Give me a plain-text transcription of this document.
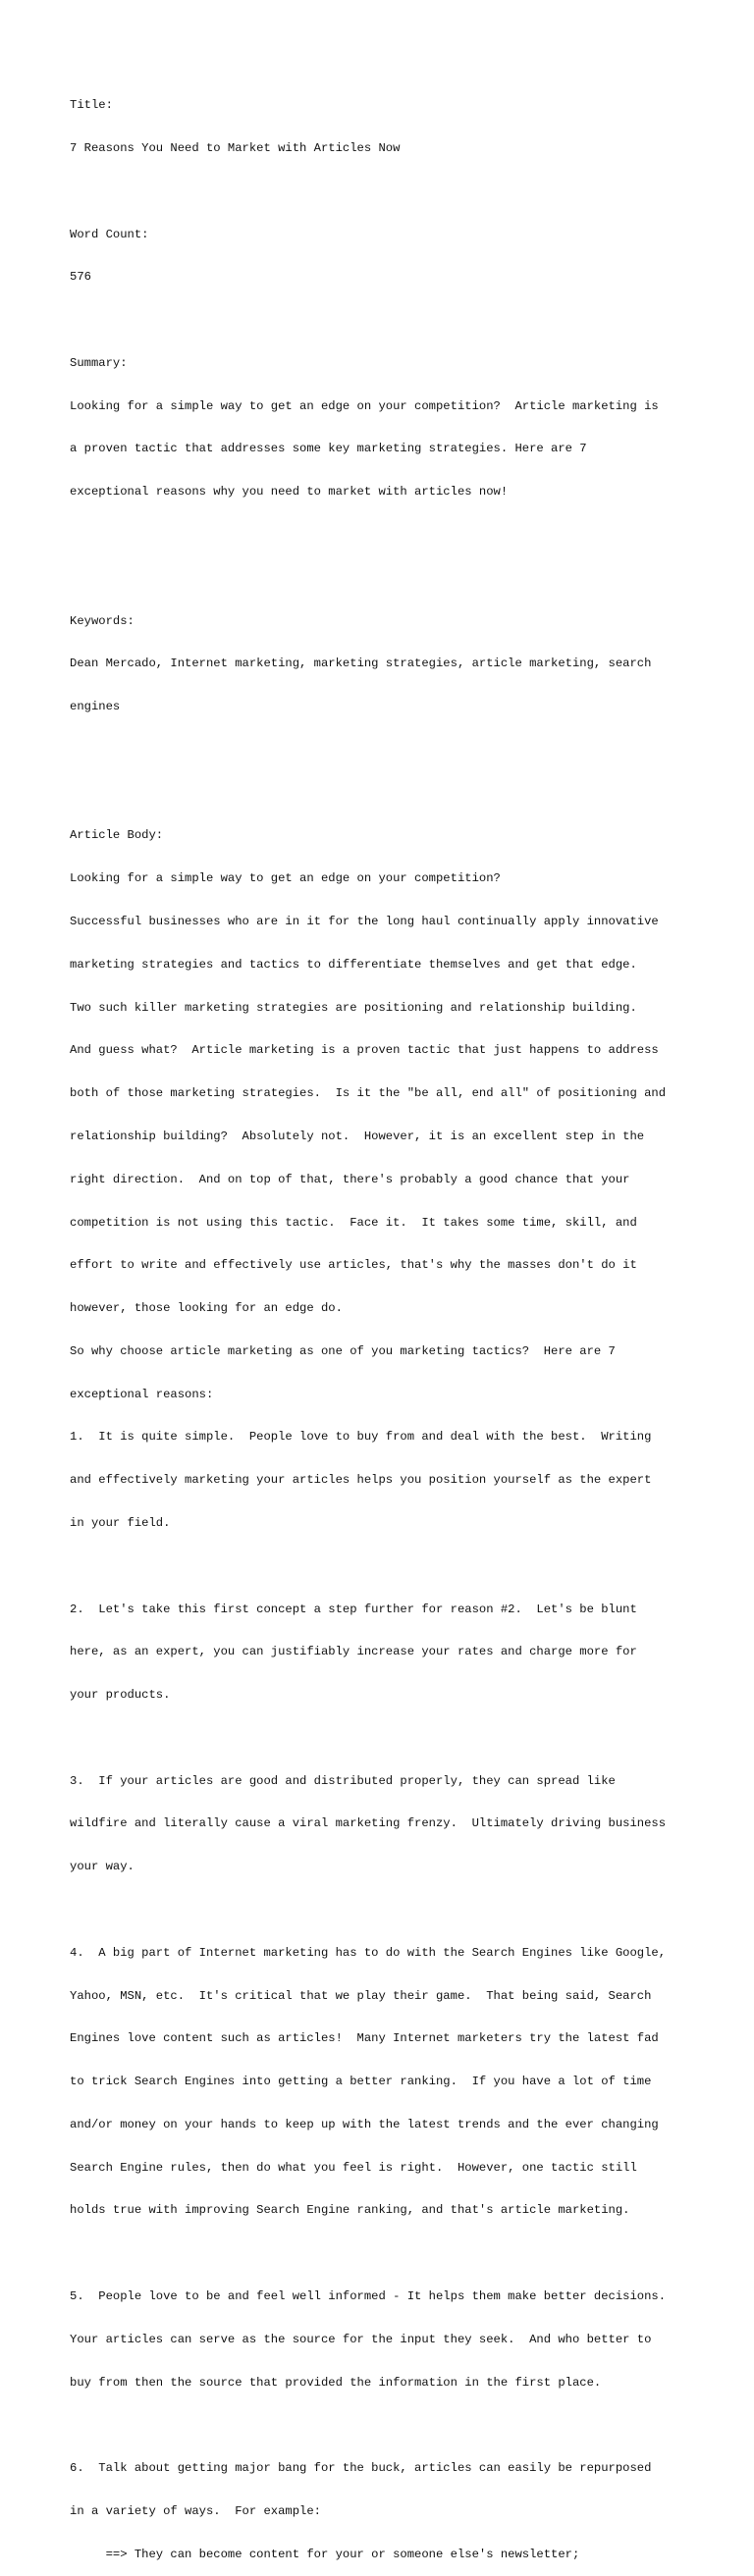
Title:

7 Reasons You Need to Market with Articles Now

Word Count:

576

Summary:

Looking for a simple way to get an edge on your competition?  Article marketing is

a proven tactic that addresses some key marketing strategies. Here are 7

exceptional reasons why you need to market with articles now!

Keywords:

Dean Mercado, Internet marketing, marketing strategies, article marketing, search

engines

Article Body:

Looking for a simple way to get an edge on your competition?

Successful businesses who are in it for the long haul continually apply innovative

marketing strategies and tactics to differentiate themselves and get that edge.

Two such killer marketing strategies are positioning and relationship building.

And guess what?  Article marketing is a proven tactic that just happens to address

both of those marketing strategies.  Is it the "be all, end all" of positioning and

relationship building?  Absolutely not.  However, it is an excellent step in the

right direction.  And on top of that, there's probably a good chance that your

competition is not using this tactic.  Face it.  It takes some time, skill, and

effort to write and effectively use articles, that's why the masses don't do it

however, those looking for an edge do.

So why choose article marketing as one of you marketing tactics?  Here are 7

exceptional reasons:

1.  It is quite simple.  People love to buy from and deal with the best.  Writing

and effectively marketing your articles helps you position yourself as the expert

in your field.

2.  Let's take this first concept a step further for reason #2.  Let's be blunt

here, as an expert, you can justifiably increase your rates and charge more for

your products.

3.  If your articles are good and distributed properly, they can spread like

wildfire and literally cause a viral marketing frenzy.  Ultimately driving business

your way.

4.  A big part of Internet marketing has to do with the Search Engines like Google,

Yahoo, MSN, etc.  It's critical that we play their game.  That being said, Search

Engines love content such as articles!  Many Internet marketers try the latest fad

to trick Search Engines into getting a better ranking.  If you have a lot of time

and/or money on your hands to keep up with the latest trends and the ever changing

Search Engine rules, then do what you feel is right.  However, one tactic still

holds true with improving Search Engine ranking, and that's article marketing.

5.  People love to be and feel well informed - It helps them make better decisions.

Your articles can serve as the source for the input they seek.  And who better to

buy from then the source that provided the information in the first place.

6.  Talk about getting major bang for the buck, articles can easily be repurposed

in a variety of ways.  For example:

==> They can become content for your or someone else's newsletter;
